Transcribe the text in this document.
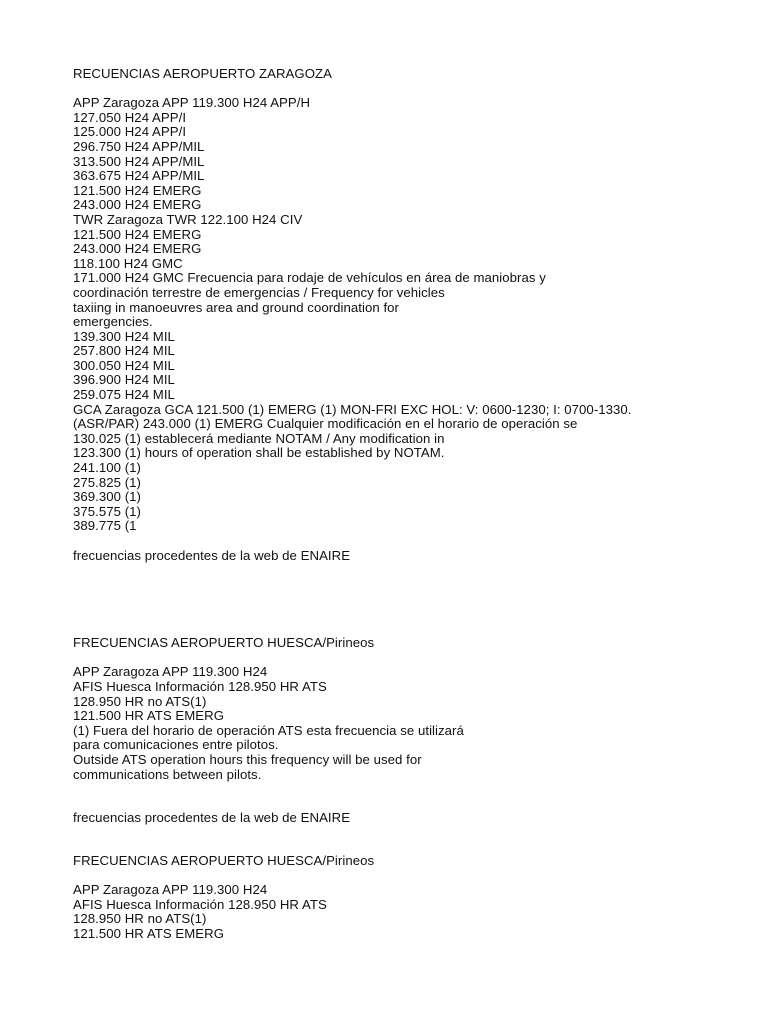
RECUENCIAS AEROPUERTO ZARAGOZA
APP Zaragoza APP 119.300 H24 APP/H
127.050 H24 APP/I
125.000 H24 APP/I
296.750 H24 APP/MIL
313.500 H24 APP/MIL
363.675 H24 APP/MIL
121.500 H24 EMERG
243.000 H24 EMERG
TWR Zaragoza TWR 122.100 H24 CIV
121.500 H24 EMERG
243.000 H24 EMERG
118.100 H24 GMC
171.000 H24 GMC Frecuencia para rodaje de vehículos en área de maniobras y
coordinación terrestre de emergencias / Frequency for vehicles
taxiing in manoeuvres area and ground coordination for
emergencies.
139.300 H24 MIL
257.800 H24 MIL
300.050 H24 MIL
396.900 H24 MIL
259.075 H24 MIL
GCA Zaragoza GCA 121.500 (1) EMERG (1) MON-FRI EXC HOL: V: 0600-1230; I: 0700-1330.
(ASR/PAR) 243.000 (1) EMERG Cualquier modificación en el horario de operación se
130.025 (1) establecerá mediante NOTAM / Any modification in
123.300 (1) hours of operation shall be established by NOTAM.
241.100 (1)
275.825 (1)
369.300 (1)
375.575 (1)
389.775 (1
frecuencias procedentes de la web de ENAIRE
FRECUENCIAS AEROPUERTO HUESCA/Pirineos
APP Zaragoza APP 119.300 H24
AFIS Huesca Información 128.950 HR ATS
128.950 HR no ATS(1)
121.500 HR ATS EMERG
(1) Fuera del horario de operación ATS esta frecuencia se utilizará
para comunicaciones entre pilotos.
Outside ATS operation hours this frequency will be used for
communications between pilots.
frecuencias procedentes de la web de ENAIRE
FRECUENCIAS AEROPUERTO HUESCA/Pirineos
APP Zaragoza APP 119.300 H24
AFIS Huesca Información 128.950 HR ATS
128.950 HR no ATS(1)
121.500 HR ATS EMERG
